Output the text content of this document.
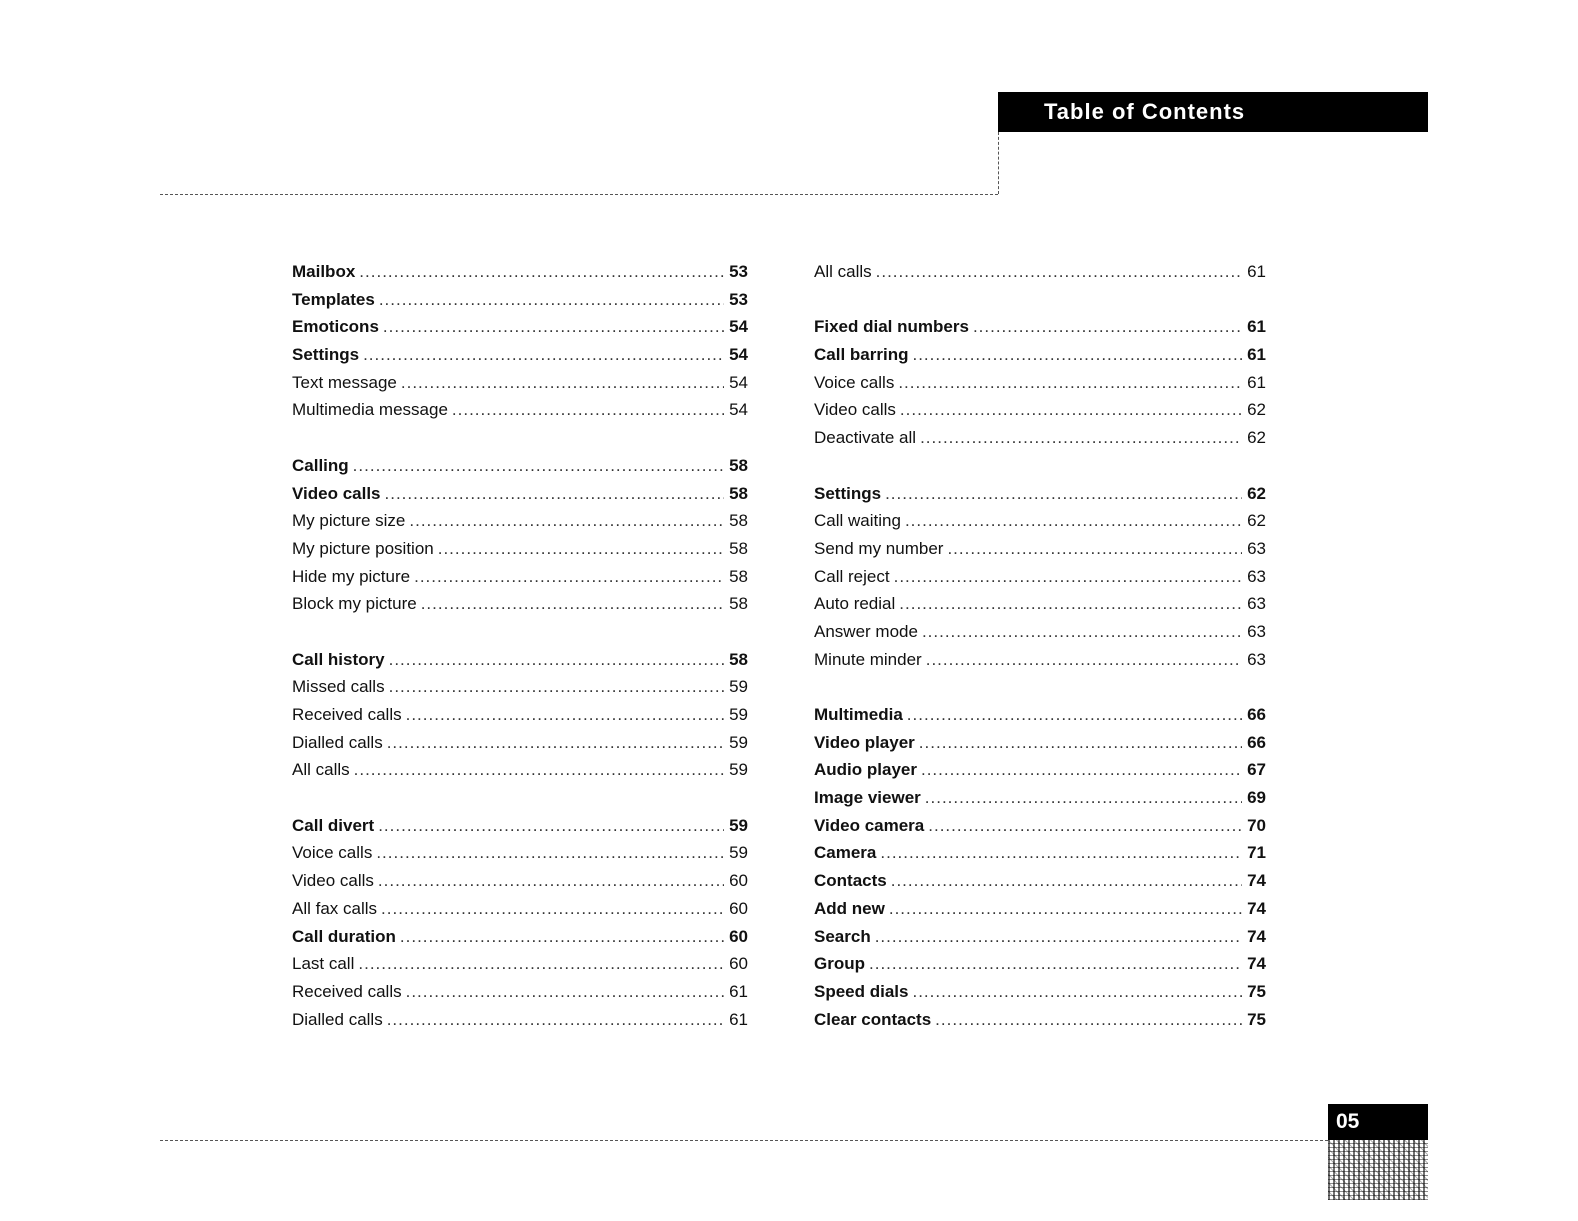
Table of Contents
Mailbox .....	53
Templates .....	53
Emoticons .....	54
Settings .....	54
Text message .....	54
Multimedia message .....	54
Calling .....	58
Video calls .....	58
My picture size .....	58
My picture position .....	58
Hide my picture .....	58
Block my picture .....	58
Call history .....	58
Missed calls .....	59
Received calls .....	59
Dialled calls .....	59
All calls .....	59
Call divert .....	59
Voice calls .....	59
Video calls .....	60
All fax calls .....	60
Call duration .....	60
Last call .....	60
Received calls .....	61
Dialled calls .....	61
All calls .....	61
Fixed dial numbers .....	61
Call barring .....	61
Voice calls .....	61
Video calls .....	62
Deactivate all .....	62
Settings .....	62
Call waiting .....	62
Send my number .....	63
Call reject .....	63
Auto redial .....	63
Answer mode .....	63
Minute minder .....	63
Multimedia .....	66
Video player .....	66
Audio player .....	67
Image viewer .....	69
Video camera .....	70
Camera .....	71
Contacts .....	74
Add new .....	74
Search .....	74
Group .....	74
Speed dials .....	75
Clear contacts .....	75
05
